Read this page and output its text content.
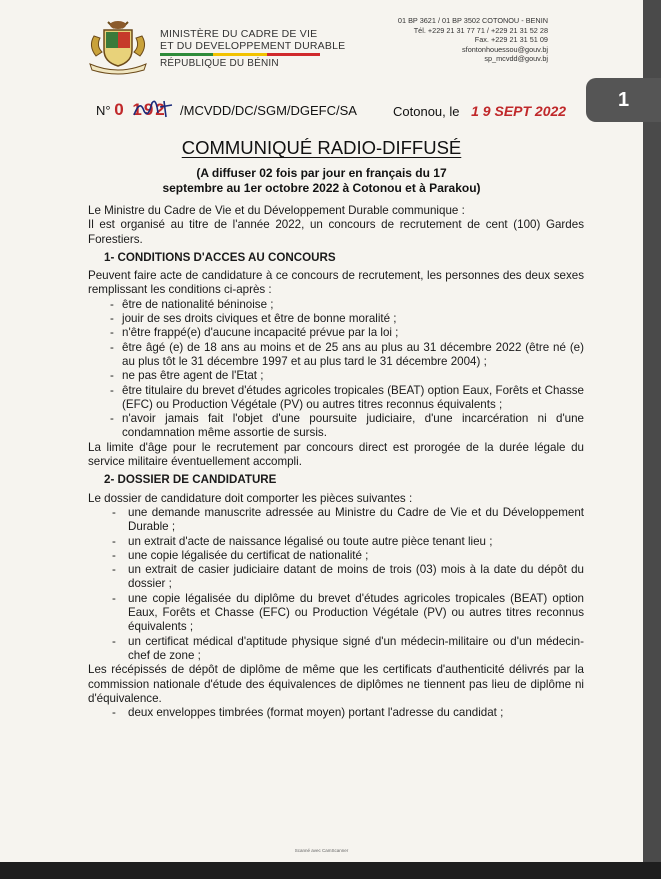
MINISTÈRE DU CADRE DE VIE
ET DU DEVELOPPEMENT DURABLE
RÉPUBLIQUE DU BÉNIN
01 BP 3621 / 01 BP 3502 COTONOU - BENIN
Tél. +229 21 31 77 71 / +229 21 31 52 28
Fax. +229 21 31 51 09
sfontonhouessou@gouv.bj
sp_mcvdd@gouv.bj
N° 0 192 /MCVDD/DC/SGM/DGEFC/SA	Cotonou, le 1 9 SEPT 2022
COMMUNIQUÉ RADIO-DIFFUSÉ
(A diffuser 02 fois par jour en français du 17
septembre au 1er octobre 2022 à Cotonou et à Parakou)

Le Ministre du Cadre de Vie et du Développement Durable communique :

Il est organisé au titre de l'année 2022, un concours de recrutement de cent (100) Gardes Forestiers.

1- CONDITIONS D'ACCES AU CONCOURS

Peuvent faire acte de candidature à ce concours de recrutement, les personnes des deux sexes remplissant les conditions ci-après :

- être de nationalité béninoise ;

- jouir de ses droits civiques et être de bonne moralité ;

- n'être frappé(e) d'aucune incapacité prévue par la loi ;

- être âgé (e) de 18 ans au moins et de 25 ans au plus au 31 décembre 2022 (être né (e) au plus tôt le 31 décembre 1997 et au plus tard le 31 décembre 2004) ;

- ne pas être agent de l'Etat ;

- être titulaire du brevet d'études agricoles tropicales (BEAT) option Eaux, Forêts et Chasse (EFC) ou Production Végétale (PV) ou autres titres reconnus équivalents ;

- n'avoir jamais fait l'objet d'une poursuite judiciaire, d'une incarcération ni d'une condamnation même assortie de sursis.

La limite d'âge pour le recrutement par concours direct est prorogée de la durée légale du service militaire éventuellement accompli.

2- DOSSIER DE CANDIDATURE

Le dossier de candidature doit comporter les pièces suivantes :

- une demande manuscrite adressée au Ministre du Cadre de Vie et du Développement Durable ;

- un extrait d'acte de naissance légalisé ou toute autre pièce tenant lieu ;

- une copie légalisée du certificat de nationalité ;

- un extrait de casier judiciaire datant de moins de trois (03) mois à la date du dépôt du dossier ;

- une copie légalisée du diplôme du brevet d'études agricoles tropicales (BEAT) option Eaux, Forêts et Chasse (EFC) ou Production Végétale (PV) ou autres titres reconnus équivalents ;

- un certificat médical d'aptitude physique signé d'un médecin-militaire ou d'un médecin-chef de zone ;

Les récépissés de dépôt de diplôme de même que les certificats d'authenticité délivrés par la commission nationale d'étude des équivalences de diplômes ne tiennent pas lieu de diplôme ni d'équivalence.

- deux enveloppes timbrées (format moyen) portant l'adresse du candidat ;

Scanné avec CamScanner
1
